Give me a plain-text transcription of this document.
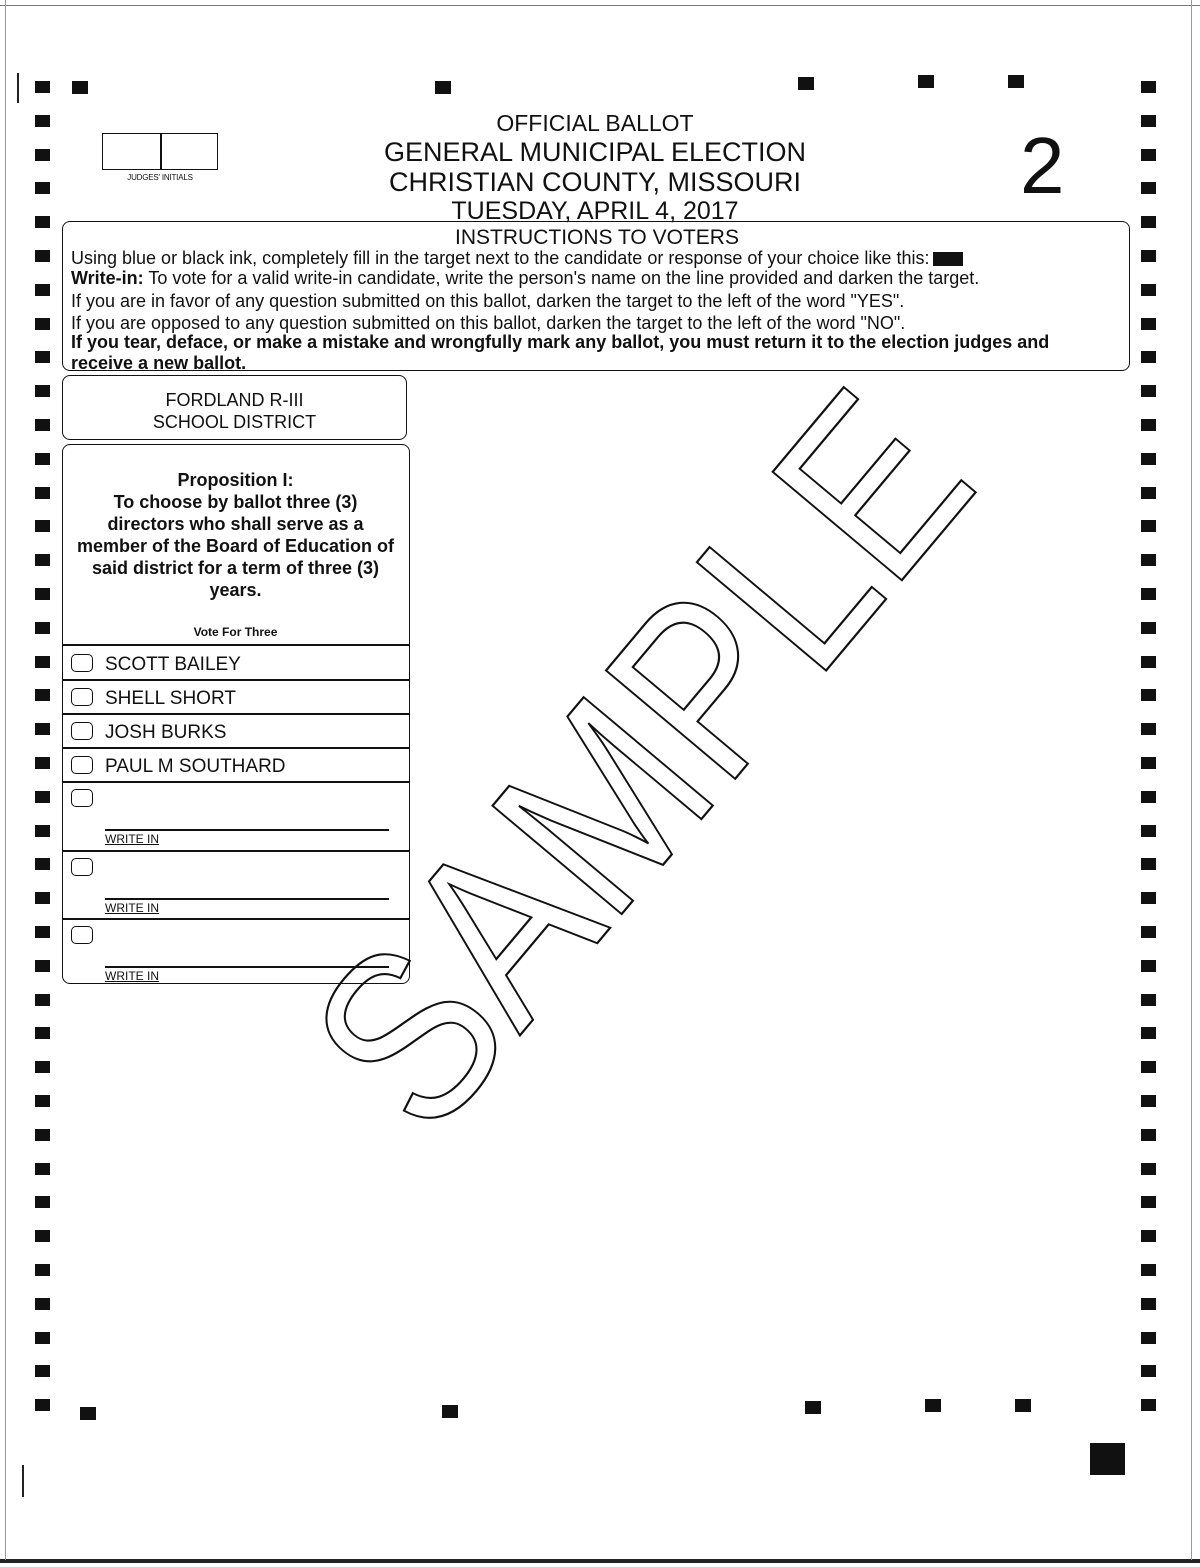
OFFICIAL BALLOT
GENERAL MUNICIPAL ELECTION
CHRISTIAN COUNTY, MISSOURI
TUESDAY, APRIL 4, 2017
JUDGES' INITIALS	2
INSTRUCTIONS TO VOTERS
Using blue or black ink, completely fill in the target next to the candidate or response of your choice like this:
Write-in: To vote for a valid write-in candidate, write the person's name on the line provided and darken the target.
If you are in favor of any question submitted on this ballot, darken the target to the left of the word "YES".
If you are opposed to any question submitted on this ballot, darken the target to the left of the word "NO".
If you tear, deface, or make a mistake and wrongfully mark any ballot, you must return it to the election judges and
receive a new ballot.
FORDLAND R-III
SCHOOL DISTRICT
Proposition I:
To choose by ballot three (3)
directors who shall serve as a
member of the Board of Education of
said district for a term of three (3)
years.
Vote For Three
SCOTT BAILEY
SHELL SHORT
JOSH BURKS
PAUL M SOUTHARD
WRITE IN
WRITE IN
WRITE IN SAMPLE
